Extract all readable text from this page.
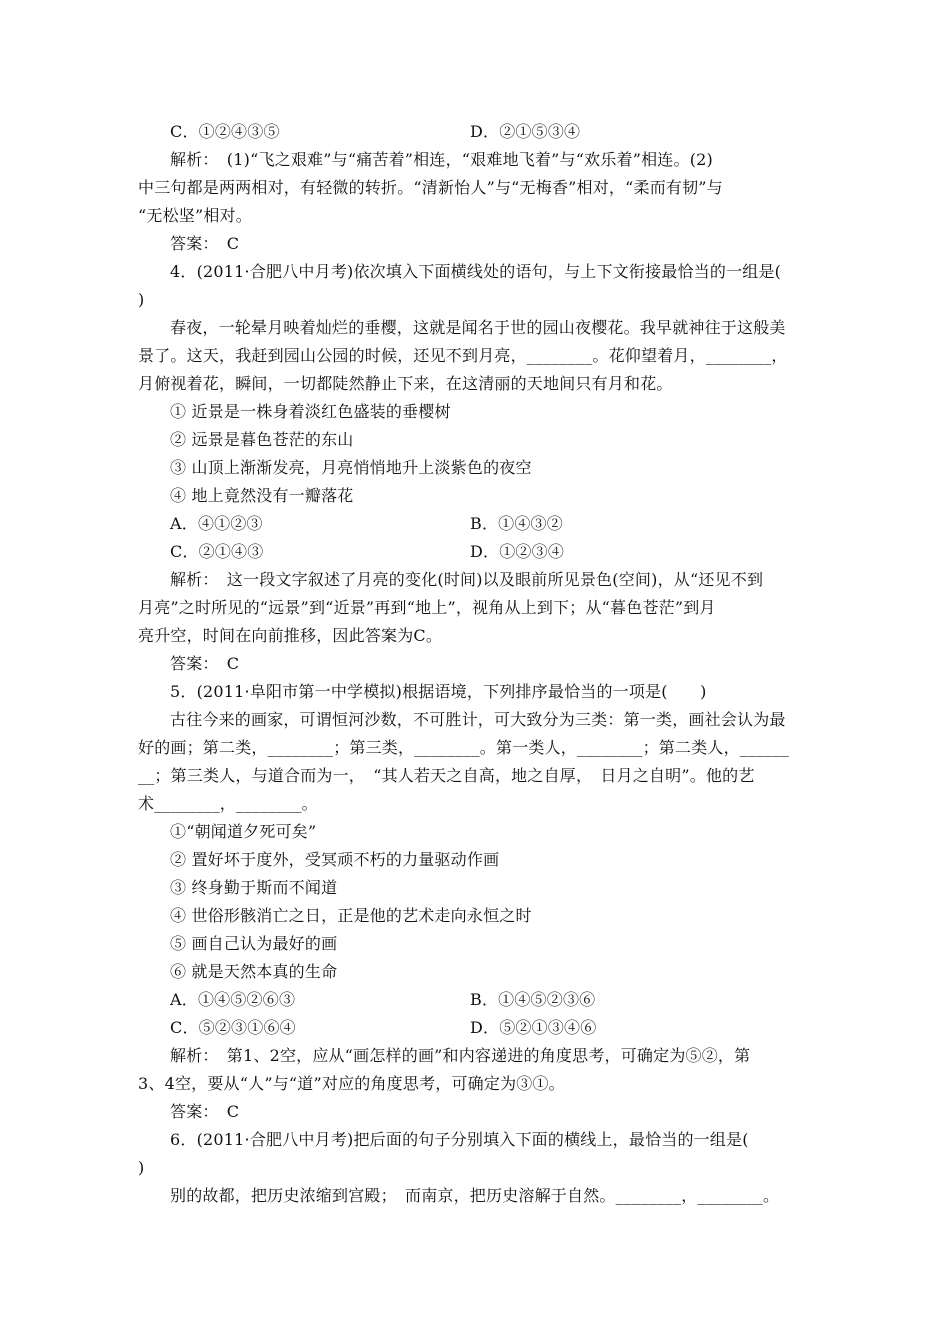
C．①②④③⑤	D．②①⑤③④
解析：　(1)“飞之艰难”与“痛苦着”相连，“艰难地飞着”与“欢乐着”相连。(2)
中三句都是两两相对，有轻微的转折。“清新怡人”与“无梅香”相对，“柔而有韧”与
“无松坚”相对。
答案：　C
4．(2011·合肥八中月考)依次填入下面横线处的语句，与上下文衔接最恰当的一组是(
)
春夜，一轮晕月映着灿烂的垂樱，这就是闻名于世的园山夜樱花。我早就神往于这般美
景了。这天，我赶到园山公园的时候，还见不到月亮，________。花仰望着月，________，
月俯视着花，瞬间，一切都陡然静止下来，在这清丽的天地间只有月和花。
① 近景是一株身着淡红色盛装的垂樱树
② 远景是暮色苍茫的东山
③ 山顶上渐渐发亮，月亮悄悄地升上淡紫色的夜空
④ 地上竟然没有一瓣落花
A．④①②③	B．①④③②
C．②①④③	D．①②③④
解析：　这一段文字叙述了月亮的变化(时间)以及眼前所见景色(空间)，从“还见不到
月亮”之时所见的“远景”到“近景”再到“地上”，视角从上到下；从“暮色苍茫”到月
亮升空，时间在向前推移，因此答案为C。
答案：　C
5．(2011·阜阳市第一中学模拟)根据语境，下列排序最恰当的一项是(　　)
古往今来的画家，可谓恒河沙数，不可胜计，可大致分为三类：第一类，画社会认为最
好的画；第二类，________；第三类，________。第一类人，________；第二类人，______
__；第三类人，与道合而为一，　“其人若天之自高，地之自厚，　日月之自明”。他的艺
术________，________。
①“朝闻道夕死可矣”
② 置好坏于度外，受冥顽不朽的力量驱动作画
③ 终身勤于斯而不闻道
④ 世俗形骸消亡之日，正是他的艺术走向永恒之时
⑤ 画自己认为最好的画
⑥ 就是天然本真的生命
A．①④⑤②⑥③	B．①④⑤②③⑥
C．⑤②③①⑥④	D．⑤②①③④⑥
解析：　第1、2空，应从“画怎样的画”和内容递进的角度思考，可确定为⑤②，第
3、4空，要从“人”与“道”对应的角度思考，可确定为③①。
答案：　C
6．(2011·合肥八中月考)把后面的句子分别填入下面的横线上，最恰当的一组是(
)
别的故都，把历史浓缩到宫殿；　而南京，把历史溶解于自然。________，________。
